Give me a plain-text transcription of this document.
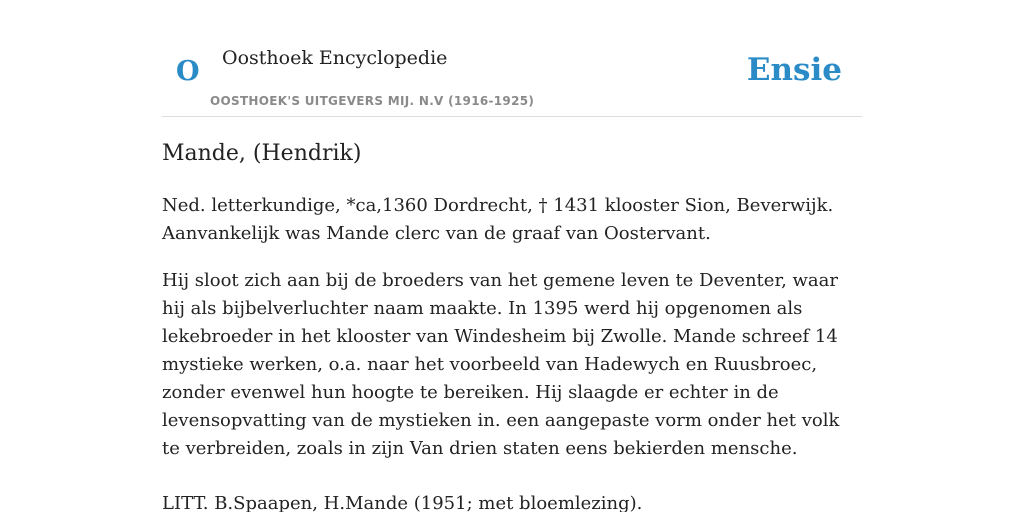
O Oosthoek Encyclopedie
OOSTHOEK'S UITGEVERS MIJ. N.V (1916-1925)
Ensie
Mande, (Hendrik)

Ned. letterkundige, *ca,1360 Dordrecht, † 1431 klooster Sion, Beverwijk. Aanvankelijk was Mande clerc van de graaf van Oostervant.

Hij sloot zich aan bij de broeders van het gemene leven te Deventer, waar hij als bijbelverluchter naam maakte. In 1395 werd hij opgenomen als lekebroeder in het klooster van Windesheim bij Zwolle. Mande schreef 14 mystieke werken, o.a. naar het voorbeeld van Hadewych en Ruusbroec, zonder evenwel hun hoogte te bereiken. Hij slaagde er echter in de levensopvatting van de mystieken in. een aangepaste vorm onder het volk te verbreiden, zoals in zijn Van drien staten eens bekierden mensche.

LITT. B.Spaapen, H.Mande (1951; met bloemlezing).
